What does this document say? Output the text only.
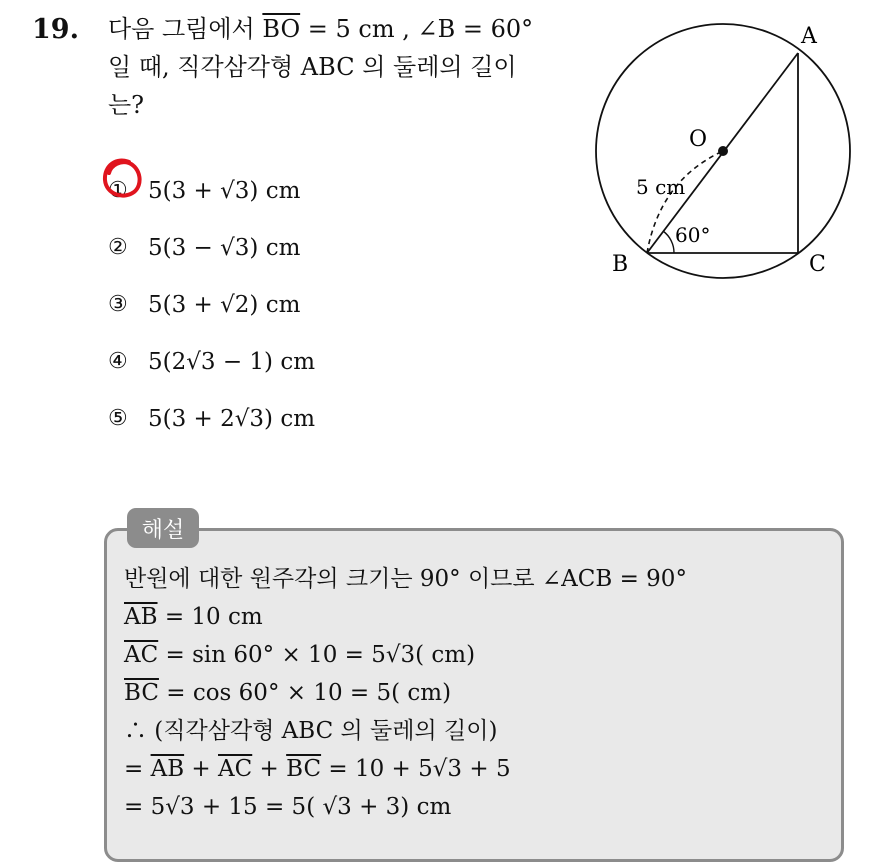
19. 다음 그림에서 $\overline{BO} = 5$ cm , ∠B = 60°
일 때, 직각삼각형 ABC 의 둘레의 길이
는?
① 5(3 + √3) cm
② 5(3 − √3) cm
③ 5(3 + √2) cm
④ 5(2√3 − 1) cm
⑤ 5(3 + 2√3) cm
A
O
5 cm
60°
B	C
해설
반원에 대한 원주각의 크기는 90° 이므로 ∠ACB = 90°
$\overline{AB} = 10$ cm
$\overline{AC} = \sin 60^\circ \times 10 = 5√3$( cm)
$\overline{BC} = \cos 60^\circ \times 10 = 5$( cm)
∴ (직각삼각형 ABC 의 둘레의 길이)
= $\overline{AB} + \overline{AC} + \overline{BC} = 10 + 5√3 + 5$
= 5√3 + 15 = 5( √3 + 3) cm
